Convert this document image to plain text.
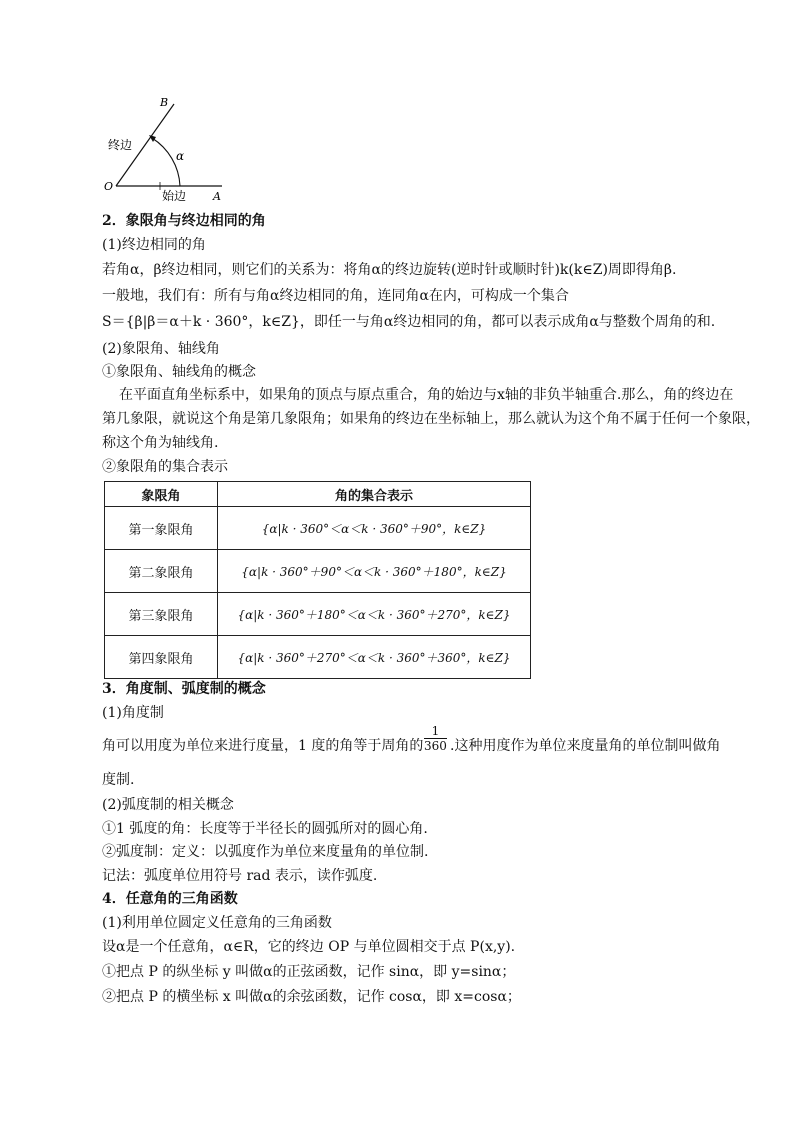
B
终边
α
O
始边 A
2．象限角与终边相同的角
(1)终边相同的角
若角α，β终边相同，则它们的关系为：将角α的终边旋转(逆时针或顺时针)k(k∈Z)周即得角β.
一般地，我们有：所有与角α终边相同的角，连同角α在内，可构成一个集合
S＝{β|β＝α＋k · 360°，k∈Z}，即任一与角α终边相同的角，都可以表示成角α与整数个周角的和.
(2)象限角、轴线角
①象限角、轴线角的概念
在平面直角坐标系中，如果角的顶点与原点重合，角的始边与x轴的非负半轴重合.那么，角的终边在
第几象限，就说这个角是第几象限角；如果角的终边在坐标轴上，那么就认为这个角不属于任何一个象限，
称这个角为轴线角.
②象限角的集合表示
象限角	角的集合表示
第一象限角	{α|k · 360°＜α＜k · 360°＋90°，k∈Z}
第二象限角	{α|k · 360°＋90°＜α＜k · 360°＋180°，k∈Z}
第三象限角	{α|k · 360°＋180°＜α＜k · 360°＋270°，k∈Z}
第四象限角	{α|k · 360°＋270°＜α＜k · 360°＋360°，k∈Z}
3．角度制、弧度制的概念
(1)角度制
角可以用度为单位来进行度量，1 度的角等于周角的 $\frac{1}{360}$ .这种用度作为单位来度量角的单位制叫做角
度制.
(2)弧度制的相关概念
①1 弧度的角：长度等于半径长的圆弧所对的圆心角.
②弧度制：定义：以弧度作为单位来度量角的单位制.
记法：弧度单位用符号 rad 表示，读作弧度.
4．任意角的三角函数
(1)利用单位圆定义任意角的三角函数
设α是一个任意角，α∈R，它的终边 OP 与单位圆相交于点 P(x,y).
①把点 P 的纵坐标 y 叫做α的正弦函数，记作 sinα，即 y=sinα；
②把点 P 的横坐标 x 叫做α的余弦函数，记作 cosα，即 x=cosα；
